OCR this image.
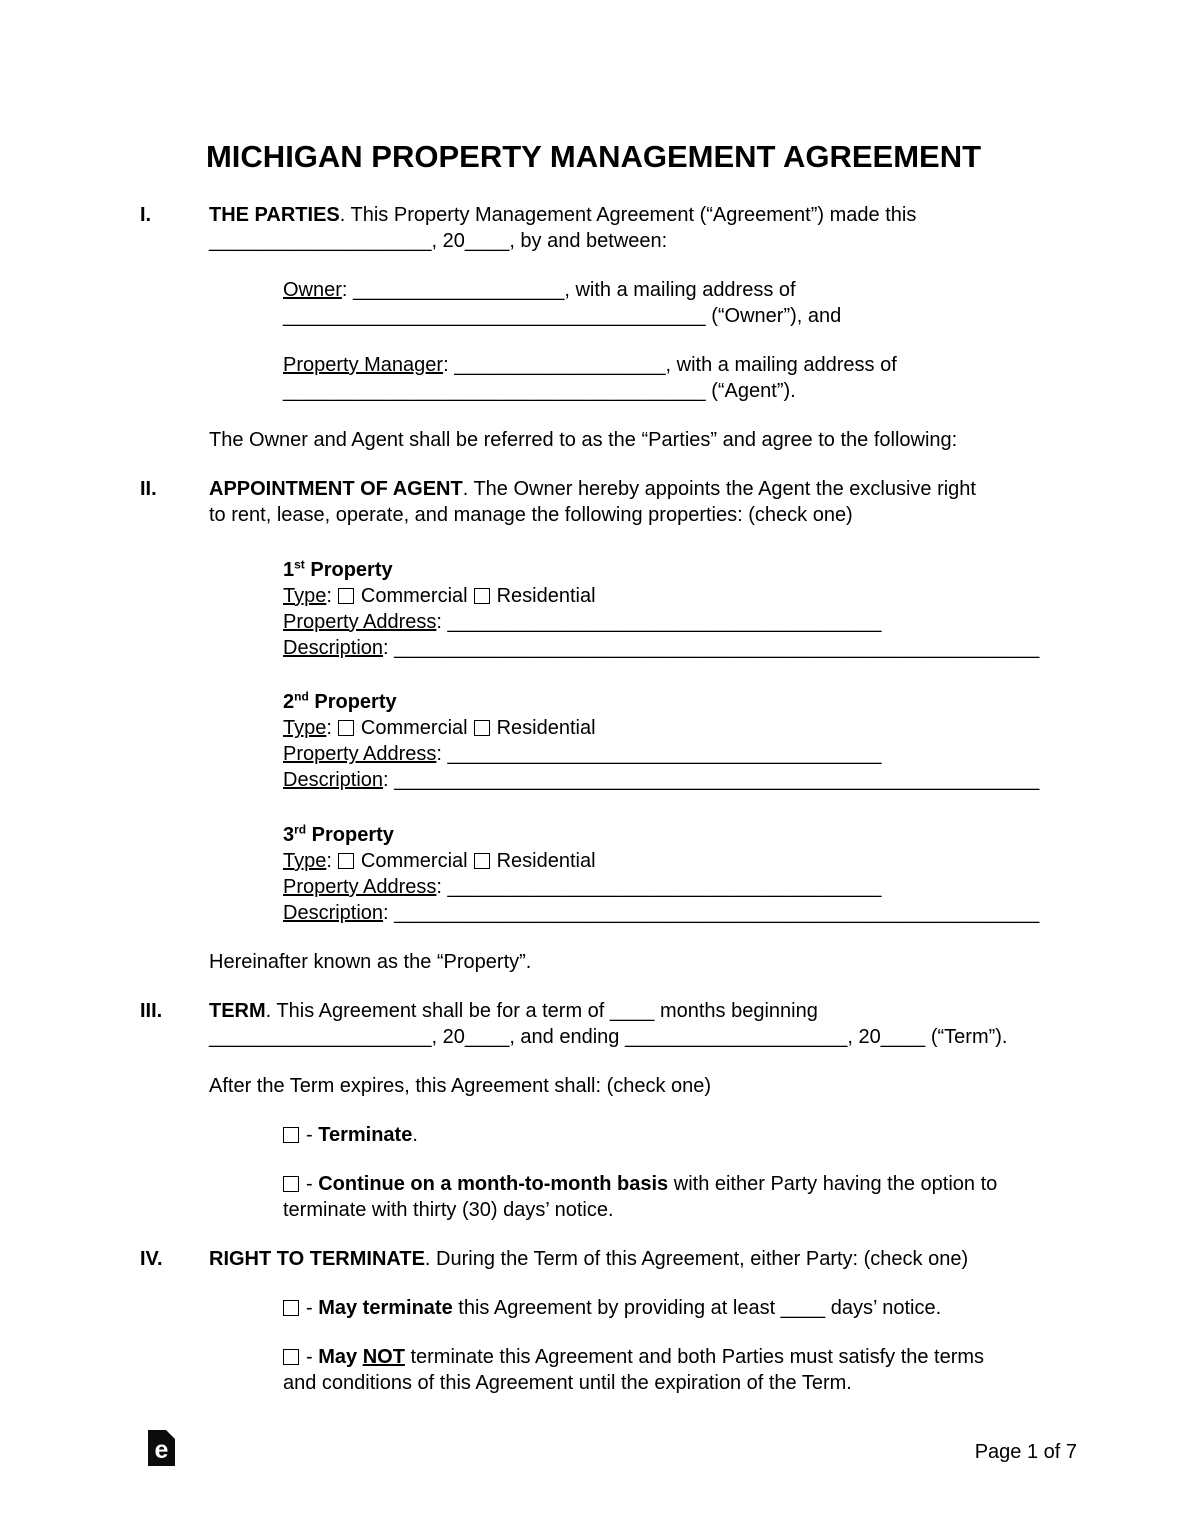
MICHIGAN PROPERTY MANAGEMENT AGREEMENT
I.	THE PARTIES. This Property Management Agreement (“Agreement”) made this
____________________, 20____, by and between:
Owner: ___________________, with a mailing address of
______________________________________ (“Owner”), and
Property Manager: ___________________, with a mailing address of
______________________________________ (“Agent”).
The Owner and Agent shall be referred to as the “Parties” and agree to the following:
II.	APPOINTMENT OF AGENT. The Owner hereby appoints the Agent the exclusive right
to rent, lease, operate, and manage the following properties: (check one)
1st Property
Type: Commercial Residential
Property Address: _______________________________________
Description: __________________________________________________________
2nd Property
Type: Commercial Residential
Property Address: _______________________________________
Description: __________________________________________________________
3rd Property
Type: Commercial Residential
Property Address: _______________________________________
Description: __________________________________________________________
Hereinafter known as the “Property”.
III.	TERM. This Agreement shall be for a term of ____ months beginning
____________________, 20____, and ending ____________________, 20____ (“Term”).
After the Term expires, this Agreement shall: (check one)
- Terminate.
- Continue on a month-to-month basis with either Party having the option to
terminate with thirty (30) days’ notice.
IV.	RIGHT TO TERMINATE. During the Term of this Agreement, either Party: (check one)
- May terminate this Agreement by providing at least ____ days’ notice.
- May NOT terminate this Agreement and both Parties must satisfy the terms
and conditions of this Agreement until the expiration of the Term.
e	Page 1 of 7
